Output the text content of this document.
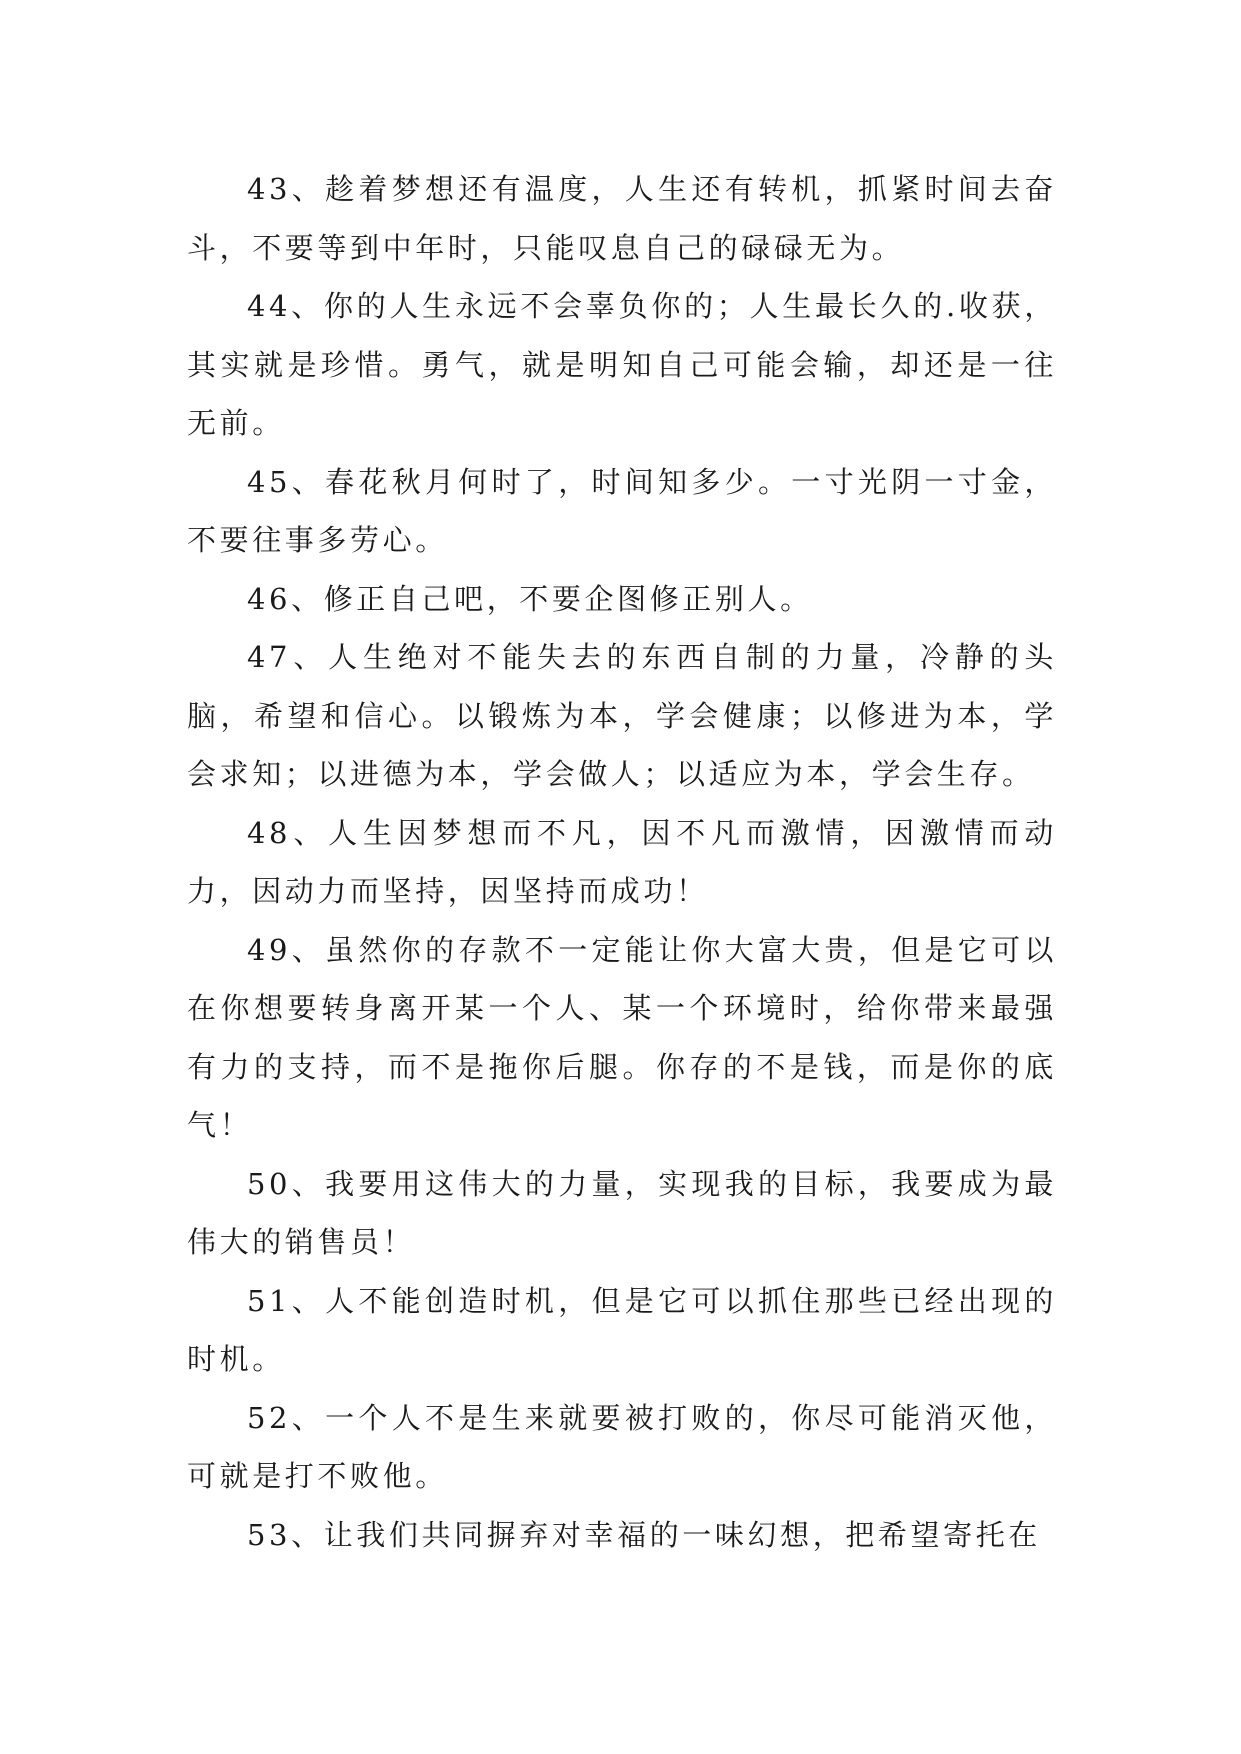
43、趁着梦想还有温度，人生还有转机，抓紧时间去奋斗，不要等到中年时，只能叹息自己的碌碌无为。

44、你的人生永远不会辜负你的；人生最长久的.收获，其实就是珍惜。勇气，就是明知自己可能会输，却还是一往无前。

45、春花秋月何时了，时间知多少。一寸光阴一寸金，不要往事多劳心。

46、修正自己吧，不要企图修正别人。

47、人生绝对不能失去的东西自制的力量，冷静的头脑，希望和信心。以锻炼为本，学会健康；以修进为本，学会求知；以进德为本，学会做人；以适应为本，学会生存。

48、人生因梦想而不凡，因不凡而激情，因激情而动力，因动力而坚持，因坚持而成功！

49、虽然你的存款不一定能让你大富大贵，但是它可以在你想要转身离开某一个人、某一个环境时，给你带来最强有力的支持，而不是拖你后腿。你存的不是钱，而是你的底气！

50、我要用这伟大的力量，实现我的目标，我要成为最伟大的销售员！

51、人不能创造时机，但是它可以抓住那些已经出现的时机。

52、一个人不是生来就要被打败的，你尽可能消灭他，可就是打不败他。

53、让我们共同摒弃对幸福的一味幻想，把希望寄托在
